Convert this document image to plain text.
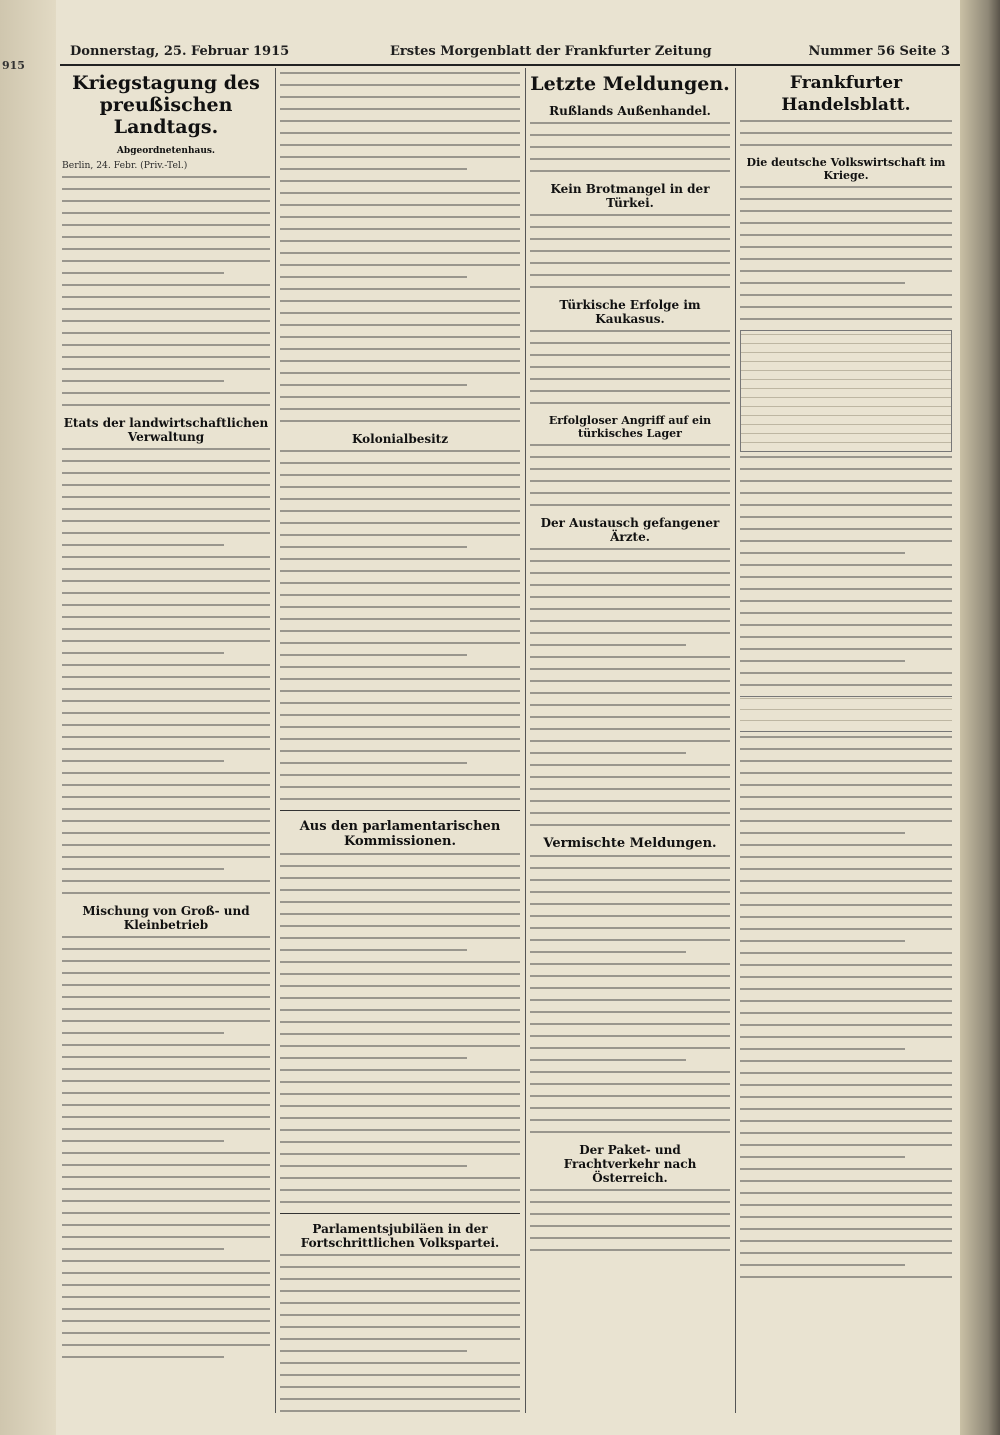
915
Donnerstag, 25. Februar 1915	Erstes Morgenblatt der Frankfurter Zeitung	Nummer 56 Seite 3
Kriegstagung des preußischen Landtags.
Abgeordnetenhaus.
Berlin, 24. Febr. (Priv.-Tel.)
Etats der landwirtschaftlichen Verwaltung
Mischung von Groß- und Kleinbetrieb
Kolonialbesitz
Aus den parlamentarischen Kommissionen.
Parlamentsjubiläen in der Fortschrittlichen Volkspartei.
Letzte Meldungen.
Rußlands Außenhandel.
Kein Brotmangel in der Türkei.
Türkische Erfolge im Kaukasus.
Erfolgloser Angriff auf ein türkisches Lager
Der Austausch gefangener Ärzte.
Vermischte Meldungen.
Der Paket- und Frachtverkehr nach Österreich.
Frankfurter Handelsblatt.
Die deutsche Volkswirtschaft im Kriege.
